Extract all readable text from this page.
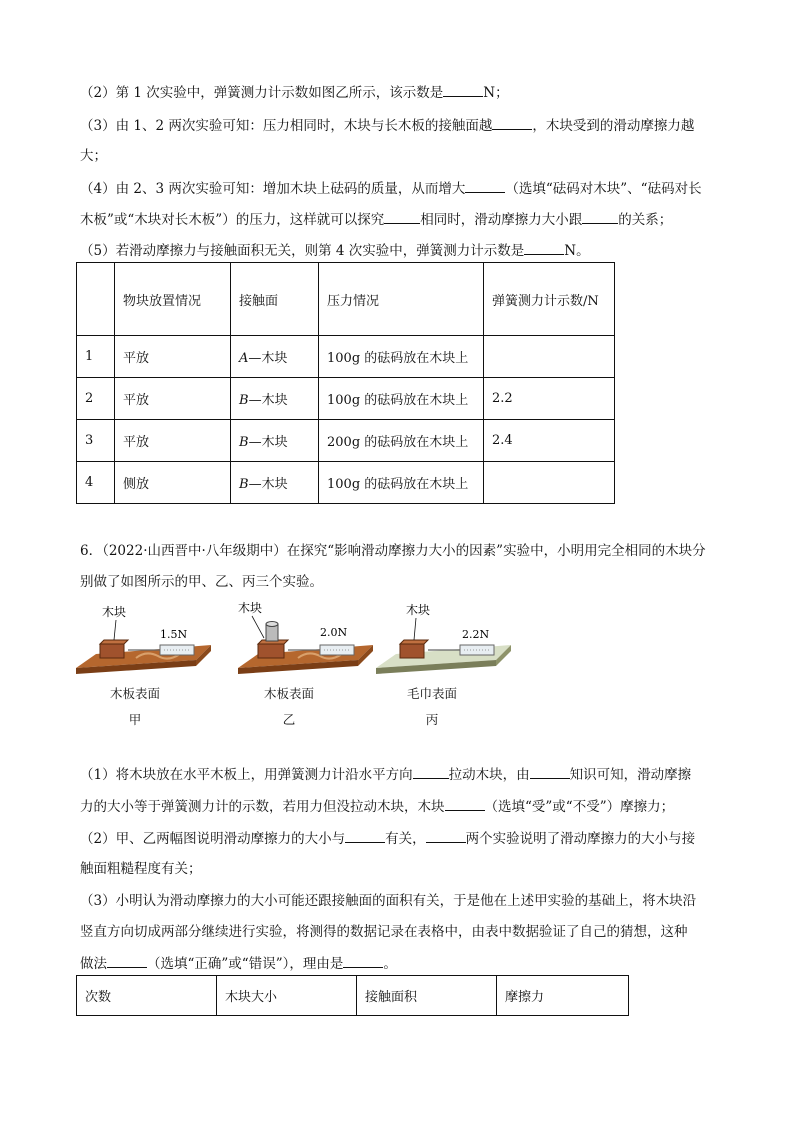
（2）第 1 次实验中，弹簧测力计示数如图乙所示，该示数是	N；
（3）由 1、2 两次实验可知：压力相同时，木块与长木板的接触面越	，木块受到的滑动摩擦力越
大；
（4）由 2、3 两次实验可知：增加木块上砝码的质量，从而增大	（选填“砝码对木块”、“砝码对长
木板”或“木块对长木板”）的压力，这样就可以探究	相同时，滑动摩擦力大小跟	的关系；
（5）若滑动摩擦力与接触面积无关，则第 4 次实验中，弹簧测力计示数是	N。
	物块放置情况	接触面	压力情况	弹簧测力计示数/N
1	平放	A—木块	100g 的砝码放在木块上	
2	平放	B—木块	100g 的砝码放在木块上	2.2
3	平放	B—木块	200g 的砝码放在木块上	2.4
4	侧放	B—木块	100g 的砝码放在木块上	
6．（2022·山西晋中·八年级期中）在探究“影响滑动摩擦力大小的因素”实验中，小明用完全相同的木块分
别做了如图所示的甲、乙、丙三个实验。
木块
1.5N
木块
2.0N
木块
2.2N
木板表面
甲
木板表面
乙
毛巾表面
丙
（1）将木块放在水平木板上，用弹簧测力计沿水平方向	拉动木块，由	知识可知，滑动摩擦
力的大小等于弹簧测力计的示数，若用力但没拉动木块，木块	（选填“受”或“不受”）摩擦力；
（2）甲、乙两幅图说明滑动摩擦力的大小与	有关，	两个实验说明了滑动摩擦力的大小与接
触面粗糙程度有关；
（3）小明认为滑动摩擦力的大小可能还跟接触面的面积有关，于是他在上述甲实验的基础上，将木块沿
竖直方向切成两部分继续进行实验，将测得的数据记录在表格中，由表中数据验证了自己的猜想，这种
做法	（选填“正确”或“错误”），理由是	。
次数	木块大小	接触面积	摩擦力
